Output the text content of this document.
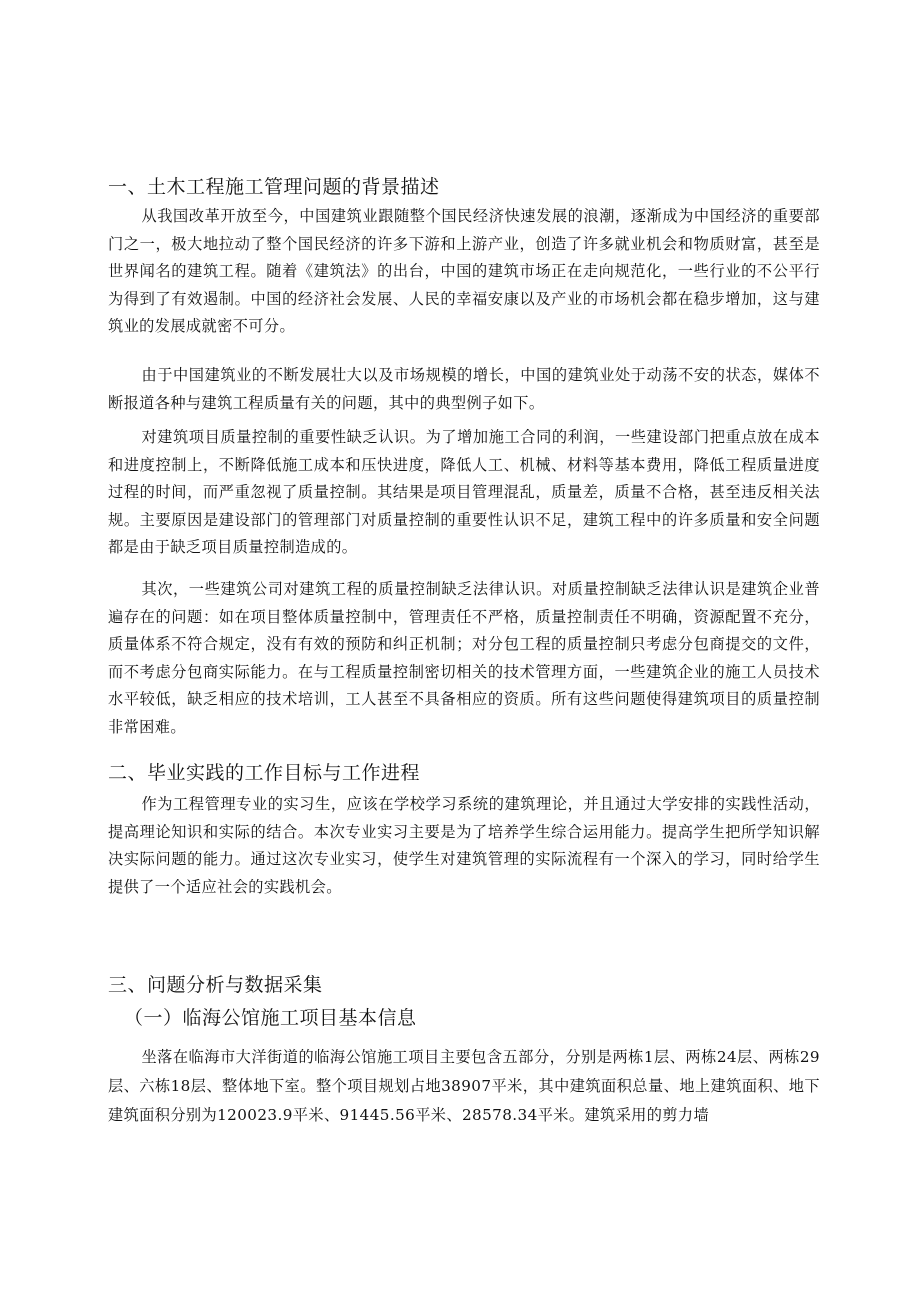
一、土木工程施工管理问题的背景描述

从我国改革开放至今，中国建筑业跟随整个国民经济快速发展的浪潮，逐渐成为中国经济的重要部门之一，极大地拉动了整个国民经济的许多下游和上游产业，创造了许多就业机会和物质财富，甚至是世界闻名的建筑工程。随着《建筑法》的出台，中国的建筑市场正在走向规范化，一些行业的不公平行为得到了有效遏制。中国的经济社会发展、人民的幸福安康以及产业的市场机会都在稳步增加，这与建筑业的发展成就密不可分。

由于中国建筑业的不断发展壮大以及市场规模的增长，中国的建筑业处于动荡不安的状态，媒体不断报道各种与建筑工程质量有关的问题，其中的典型例子如下。

对建筑项目质量控制的重要性缺乏认识。为了增加施工合同的利润，一些建设部门把重点放在成本和进度控制上，不断降低施工成本和压快进度，降低人工、机械、材料等基本费用，降低工程质量进度过程的时间，而严重忽视了质量控制。其结果是项目管理混乱，质量差，质量不合格，甚至违反相关法规。主要原因是建设部门的管理部门对质量控制的重要性认识不足，建筑工程中的许多质量和安全问题都是由于缺乏项目质量控制造成的。

其次，一些建筑公司对建筑工程的质量控制缺乏法律认识。对质量控制缺乏法律认识是建筑企业普遍存在的问题：如在项目整体质量控制中，管理责任不严格，质量控制责任不明确，资源配置不充分，质量体系不符合规定，没有有效的预防和纠正机制；对分包工程的质量控制只考虑分包商提交的文件，而不考虑分包商实际能力。在与工程质量控制密切相关的技术管理方面，一些建筑企业的施工人员技术水平较低，缺乏相应的技术培训，工人甚至不具备相应的资质。所有这些问题使得建筑项目的质量控制非常困难。

二、毕业实践的工作目标与工作进程

作为工程管理专业的实习生，应该在学校学习系统的建筑理论，并且通过大学安排的实践性活动，提高理论知识和实际的结合。本次专业实习主要是为了培养学生综合运用能力。提高学生把所学知识解决实际问题的能力。通过这次专业实习，使学生对建筑管理的实际流程有一个深入的学习，同时给学生提供了一个适应社会的实践机会。

三、问题分析与数据采集
（一）临海公馆施工项目基本信息

坐落在临海市大洋街道的临海公馆施工项目主要包含五部分，分别是两栋1层、两栋24层、两栋29层、六栋18层、整体地下室。整个项目规划占地38907平米，其中建筑面积总量、地上建筑面积、地下建筑面积分别为120023.9平米、91445.56平米、28578.34平米。建筑采用的剪力墙
